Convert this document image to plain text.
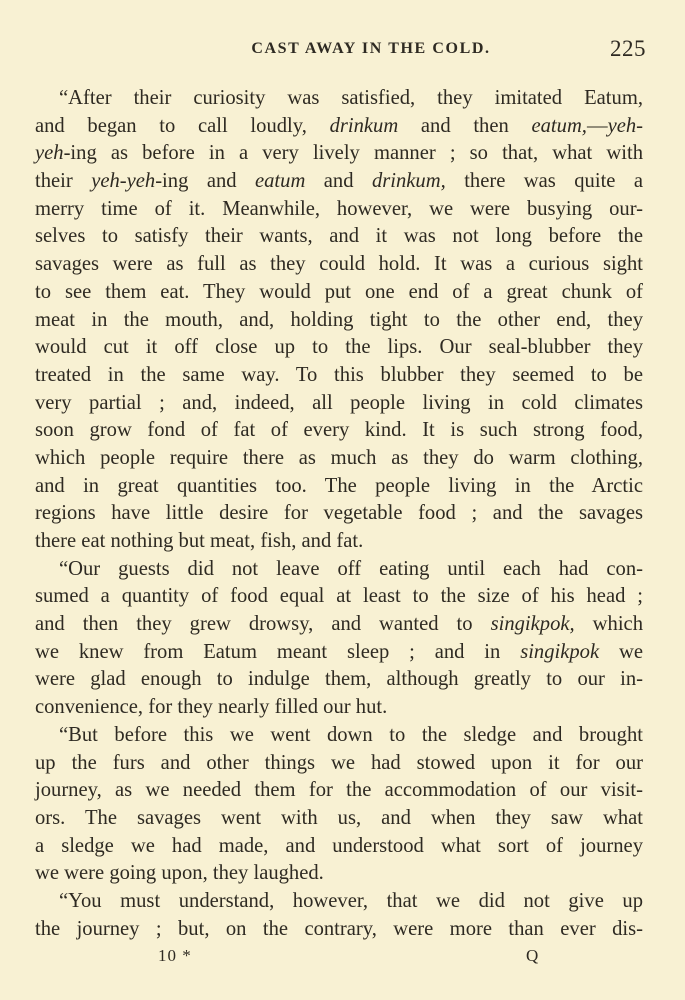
CAST AWAY IN THE COLD.	225
“After their curiosity was satisfied, they imitated Eatum,
and began to call loudly, drinkum and then eatum,—yeh-
yeh-ing as before in a very lively manner ; so that, what with
their yeh-yeh-ing and eatum and drinkum, there was quite a
merry time of it. Meanwhile, however, we were busying our-
selves to satisfy their wants, and it was not long before the
savages were as full as they could hold. It was a curious sight
to see them eat. They would put one end of a great chunk of
meat in the mouth, and, holding tight to the other end, they
would cut it off close up to the lips. Our seal-blubber they
treated in the same way. To this blubber they seemed to be
very partial ; and, indeed, all people living in cold climates
soon grow fond of fat of every kind. It is such strong food,
which people require there as much as they do warm clothing,
and in great quantities too. The people living in the Arctic
regions have little desire for vegetable food ; and the savages
there eat nothing but meat, fish, and fat.
“Our guests did not leave off eating until each had con-
sumed a quantity of food equal at least to the size of his head ;
and then they grew drowsy, and wanted to singikpok, which
we knew from Eatum meant sleep ; and in singikpok we
were glad enough to indulge them, although greatly to our in-
convenience, for they nearly filled our hut.
“But before this we went down to the sledge and brought
up the furs and other things we had stowed upon it for our
journey, as we needed them for the accommodation of our visit-
ors. The savages went with us, and when they saw what
a sledge we had made, and understood what sort of journey
we were going upon, they laughed.
“You must understand, however, that we did not give up
the journey ; but, on the contrary, were more than ever dis-
10 *	Q
